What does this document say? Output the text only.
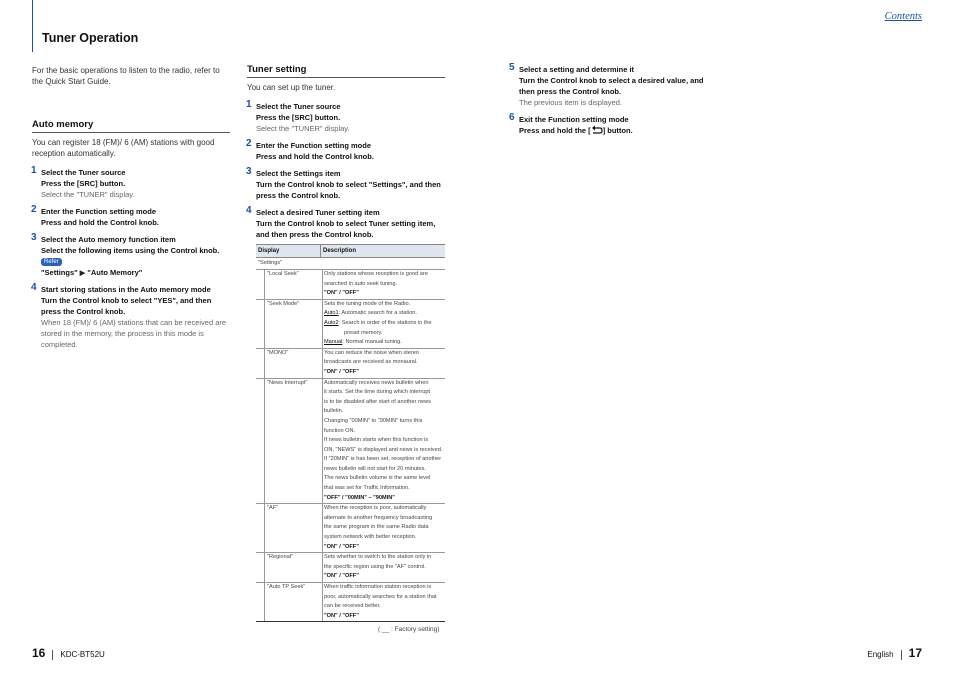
Contents
Tuner Operation
For the basic operations to listen to the radio, refer to the Quick Start Guide.
Auto memory
You can register 18 (FM)/ 6 (AM) stations with good reception automatically.
1 Select the Tuner source
Press the [SRC] button.
Select the "TUNER" display.
2 Enter the Function setting mode
Press and hold the Control knob.
3 Select the Auto memory function item
Select the following items using the Control knob. Refer
"Settings" ▶ "Auto Memory"
4 Start storing stations in the Auto memory mode
Turn the Control knob to select "YES", and then press the Control knob.
When 18 (FM)/ 6 (AM) stations that can be received are stored in the memory, the process in this mode is completed.
Tuner setting
You can set up the tuner.
1 Select the Tuner source
Press the [SRC] button.
Select the "TUNER" display.
2 Enter the Function setting mode
Press and hold the Control knob.
3 Select the Settings item
Turn the Control knob to select "Settings", and then press the Control knob.
4 Select a desired Tuner setting item
Turn the Control knob to select Tuner setting item, and then press the Control knob.
Display	Description
"Settings"
"Local Seek"	Only stations whose reception is good are
searched in auto seek tuning.
"ON" / "OFF"
"Seek Mode"	Sets the tuning mode of the Radio.
Auto1: Automatic search for a station.
Auto2: Search in order of the stations in the
preset memory.
Manual: Normal manual tuning.
"MONO"	You can reduce the noise when stereo
broadcasts are received as monaural.
"ON" / "OFF"
"News Interrupt"	Automatically receives news bulletin when
it starts. Set the time during which interrupt
is to be disabled after start of another news
bulletin.
Changing "00MIN" to "90MIN" turns this
function ON.
If news bulletin starts when this function is
ON, "NEWS" is displayed and news is received.
If "20MIN" is has been set, reception of another
news bulletin will not start for 20 minutes.
The news bulletin volume is the same level
that was set for Traffic Information.
"OFF" / "00MIN" – "90MIN"
"AF"	When the reception is poor, automatically
alternate to another frequency broadcasting
the same program in the same Radio data
system network with better reception.
"ON" / "OFF"
"Regional"	Sets whether to switch to the station only in
the specific region using the "AF" control.
"ON" / "OFF"
"Auto TP Seek"	When traffic information station reception is
poor, automatically searches for a station that
can be received better.
"ON" / "OFF"
( __ : Factory setting)
5 Select a setting and determine it
Turn the Control knob to select a desired value, and then press the Control knob.
The previous item is displayed.
6 Exit the Function setting mode
Press and hold the [ ] button.
16 KDC-BT52U	English 17
